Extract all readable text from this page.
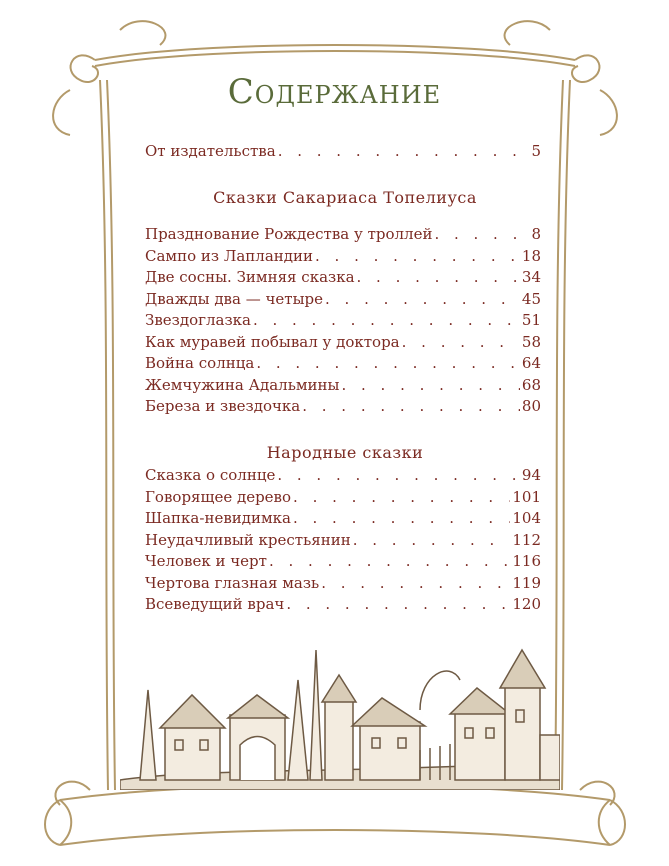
Содержание
От издательства . . .	5
Сказки Сакариаса Топелиуса
Празднование Рождества у троллей . . .	8
Сампо из Лапландии . . .	18
Две сосны. Зимняя сказка . . .	34
Дважды два — четыре . . .	45
Звездоглазка . . .	51
Как муравей побывал у доктора . . .	58
Война солнца . . .	64
Жемчужина Адальмины . . .	68
Береза и звездочка . . .	80
Народные сказки
Сказка о солнце . . .	94
Говорящее дерево . . .	101
Шапка-невидимка . . .	104
Неудачливый крестьянин . . .	112
Человек и черт . . .	116
Чертова глазная мазь . . .	119
Всеведущий врач . . .	120
